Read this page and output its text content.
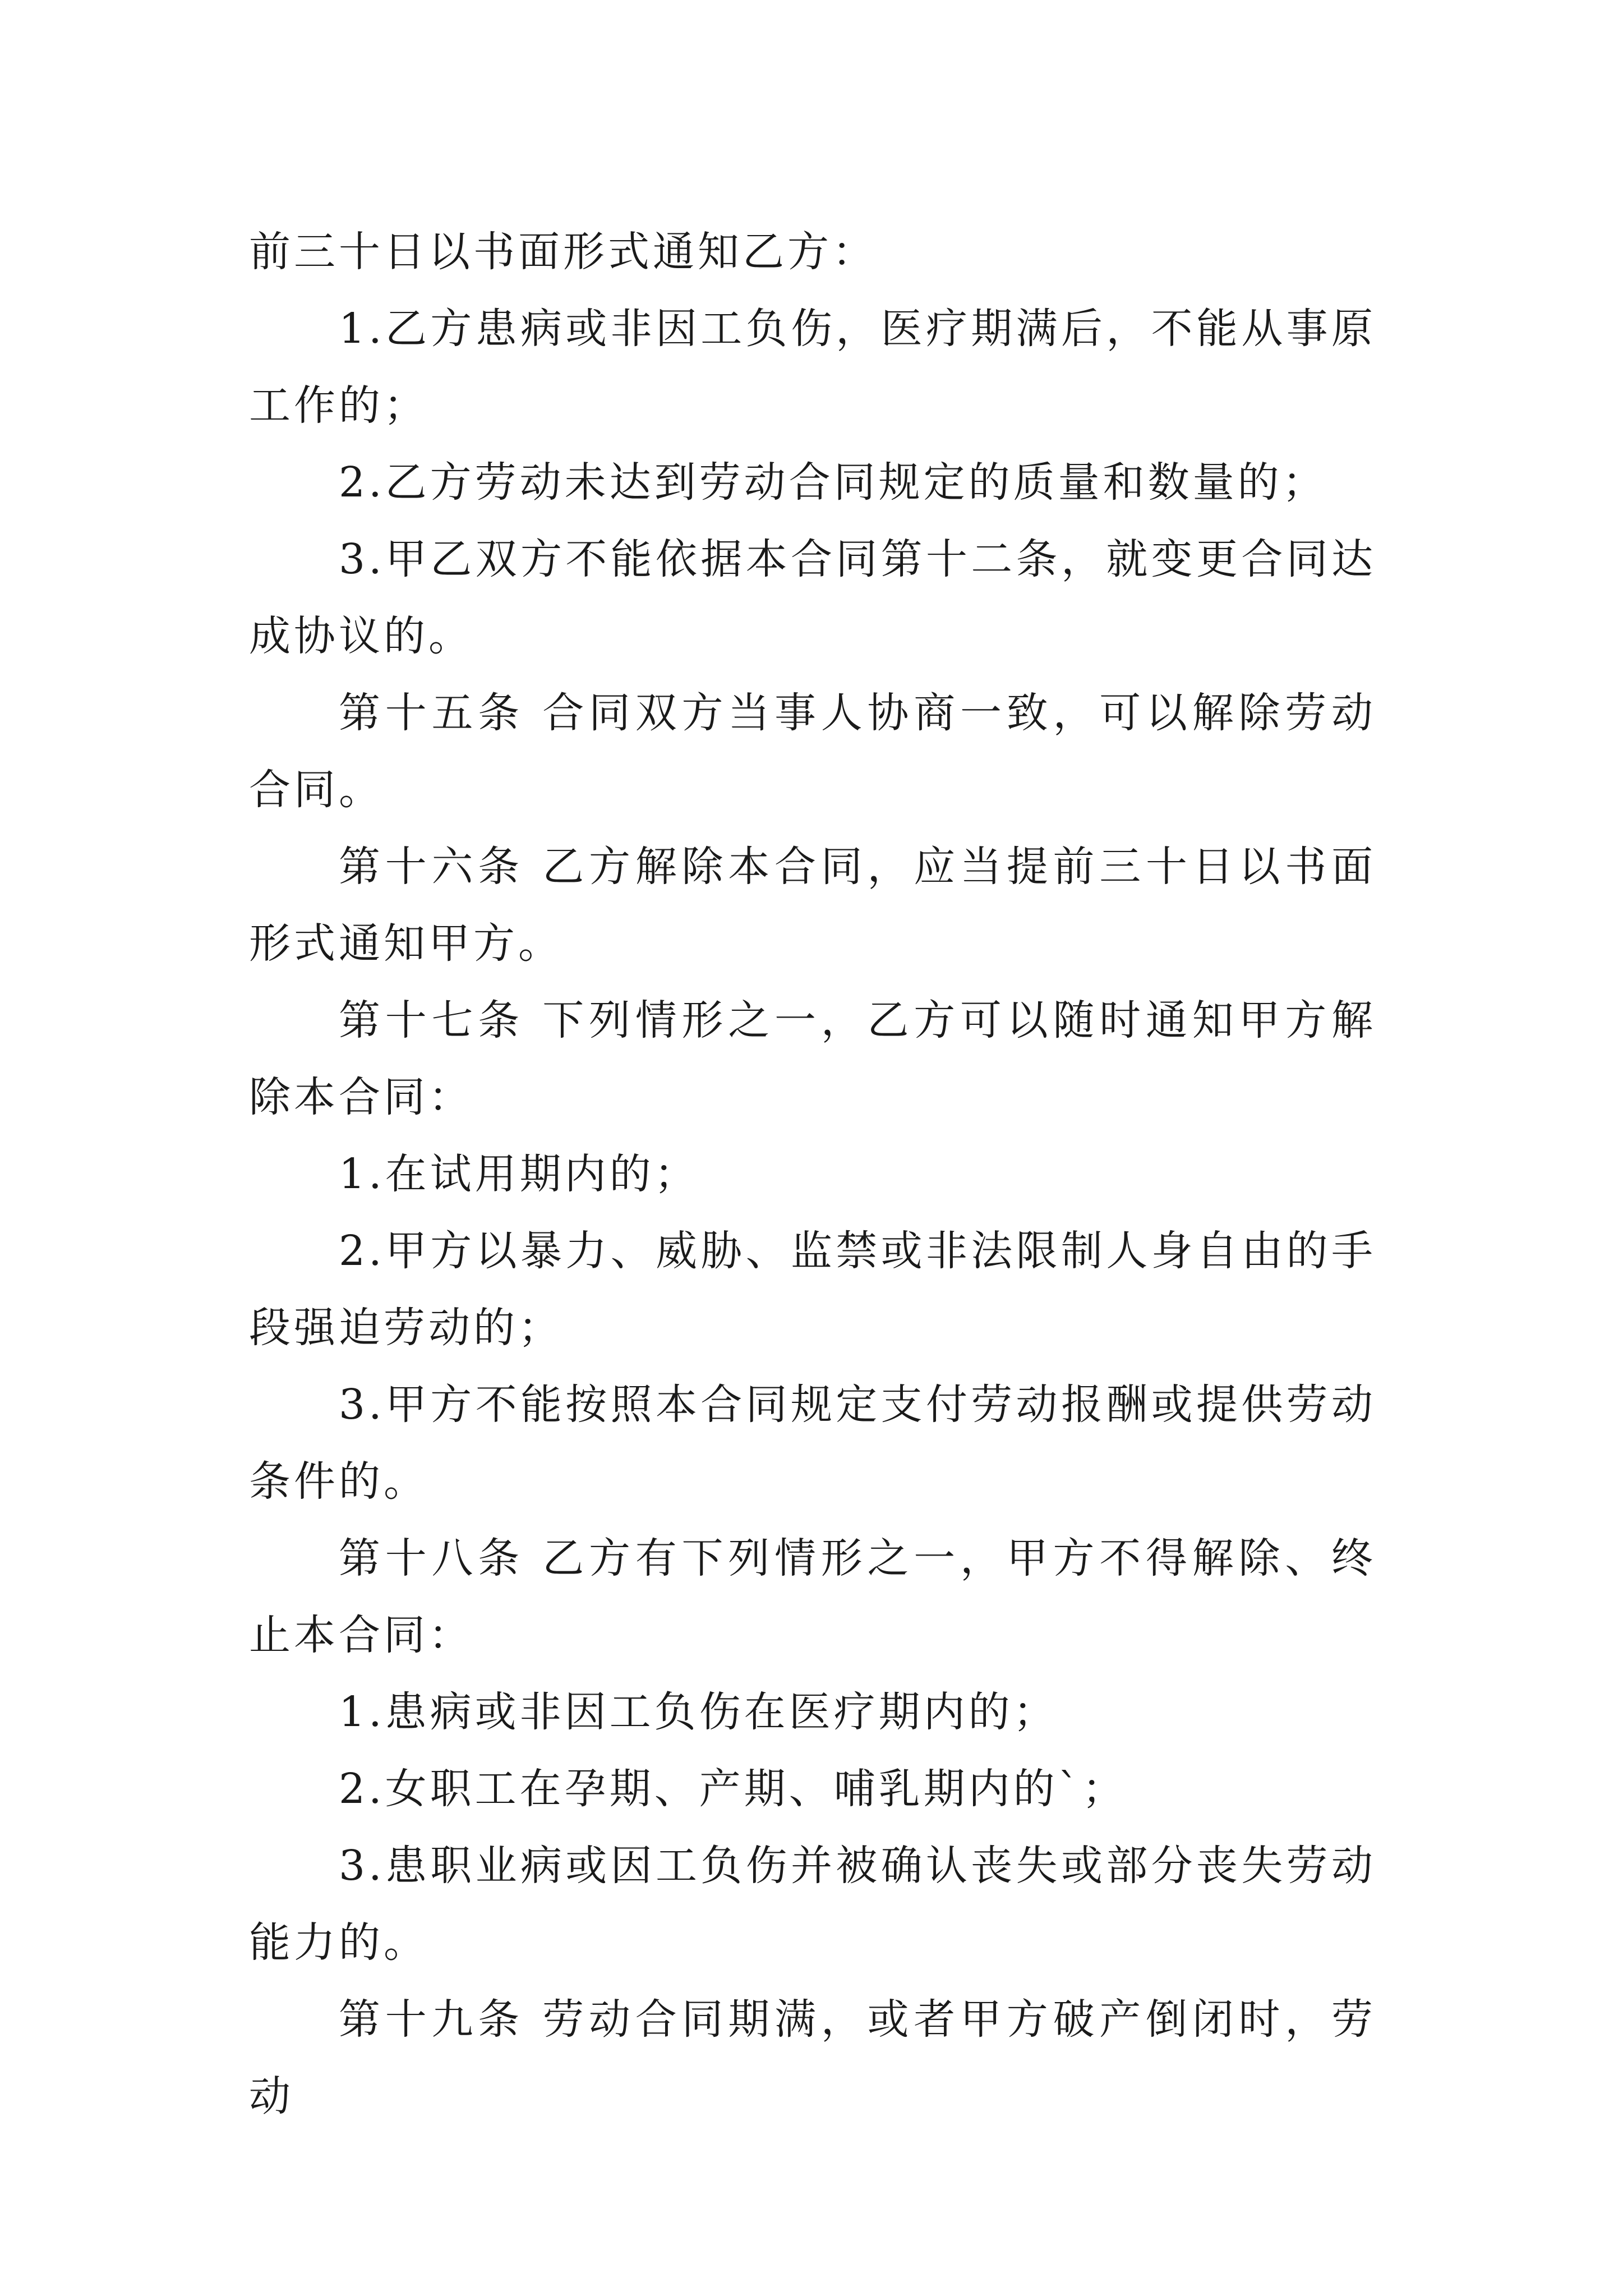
前三十日以书面形式通知乙方：

1.乙方患病或非因工负伤，医疗期满后，不能从事原工作的；

2.乙方劳动未达到劳动合同规定的质量和数量的；

3.甲乙双方不能依据本合同第十二条，就变更合同达成协议的。

第十五条 合同双方当事人协商一致，可以解除劳动合同。

第十六条 乙方解除本合同，应当提前三十日以书面形式通知甲方。

第十七条 下列情形之一，乙方可以随时通知甲方解除本合同：

1.在试用期内的；

2.甲方以暴力、威胁、监禁或非法限制人身自由的手段强迫劳动的；

3.甲方不能按照本合同规定支付劳动报酬或提供劳动条件的。

第十八条 乙方有下列情形之一，甲方不得解除、终止本合同：

1.患病或非因工负伤在医疗期内的；

2.女职工在孕期、产期、哺乳期内的`；

3.患职业病或因工负伤并被确认丧失或部分丧失劳动能力的。

第十九条 劳动合同期满，或者甲方破产倒闭时，劳动
